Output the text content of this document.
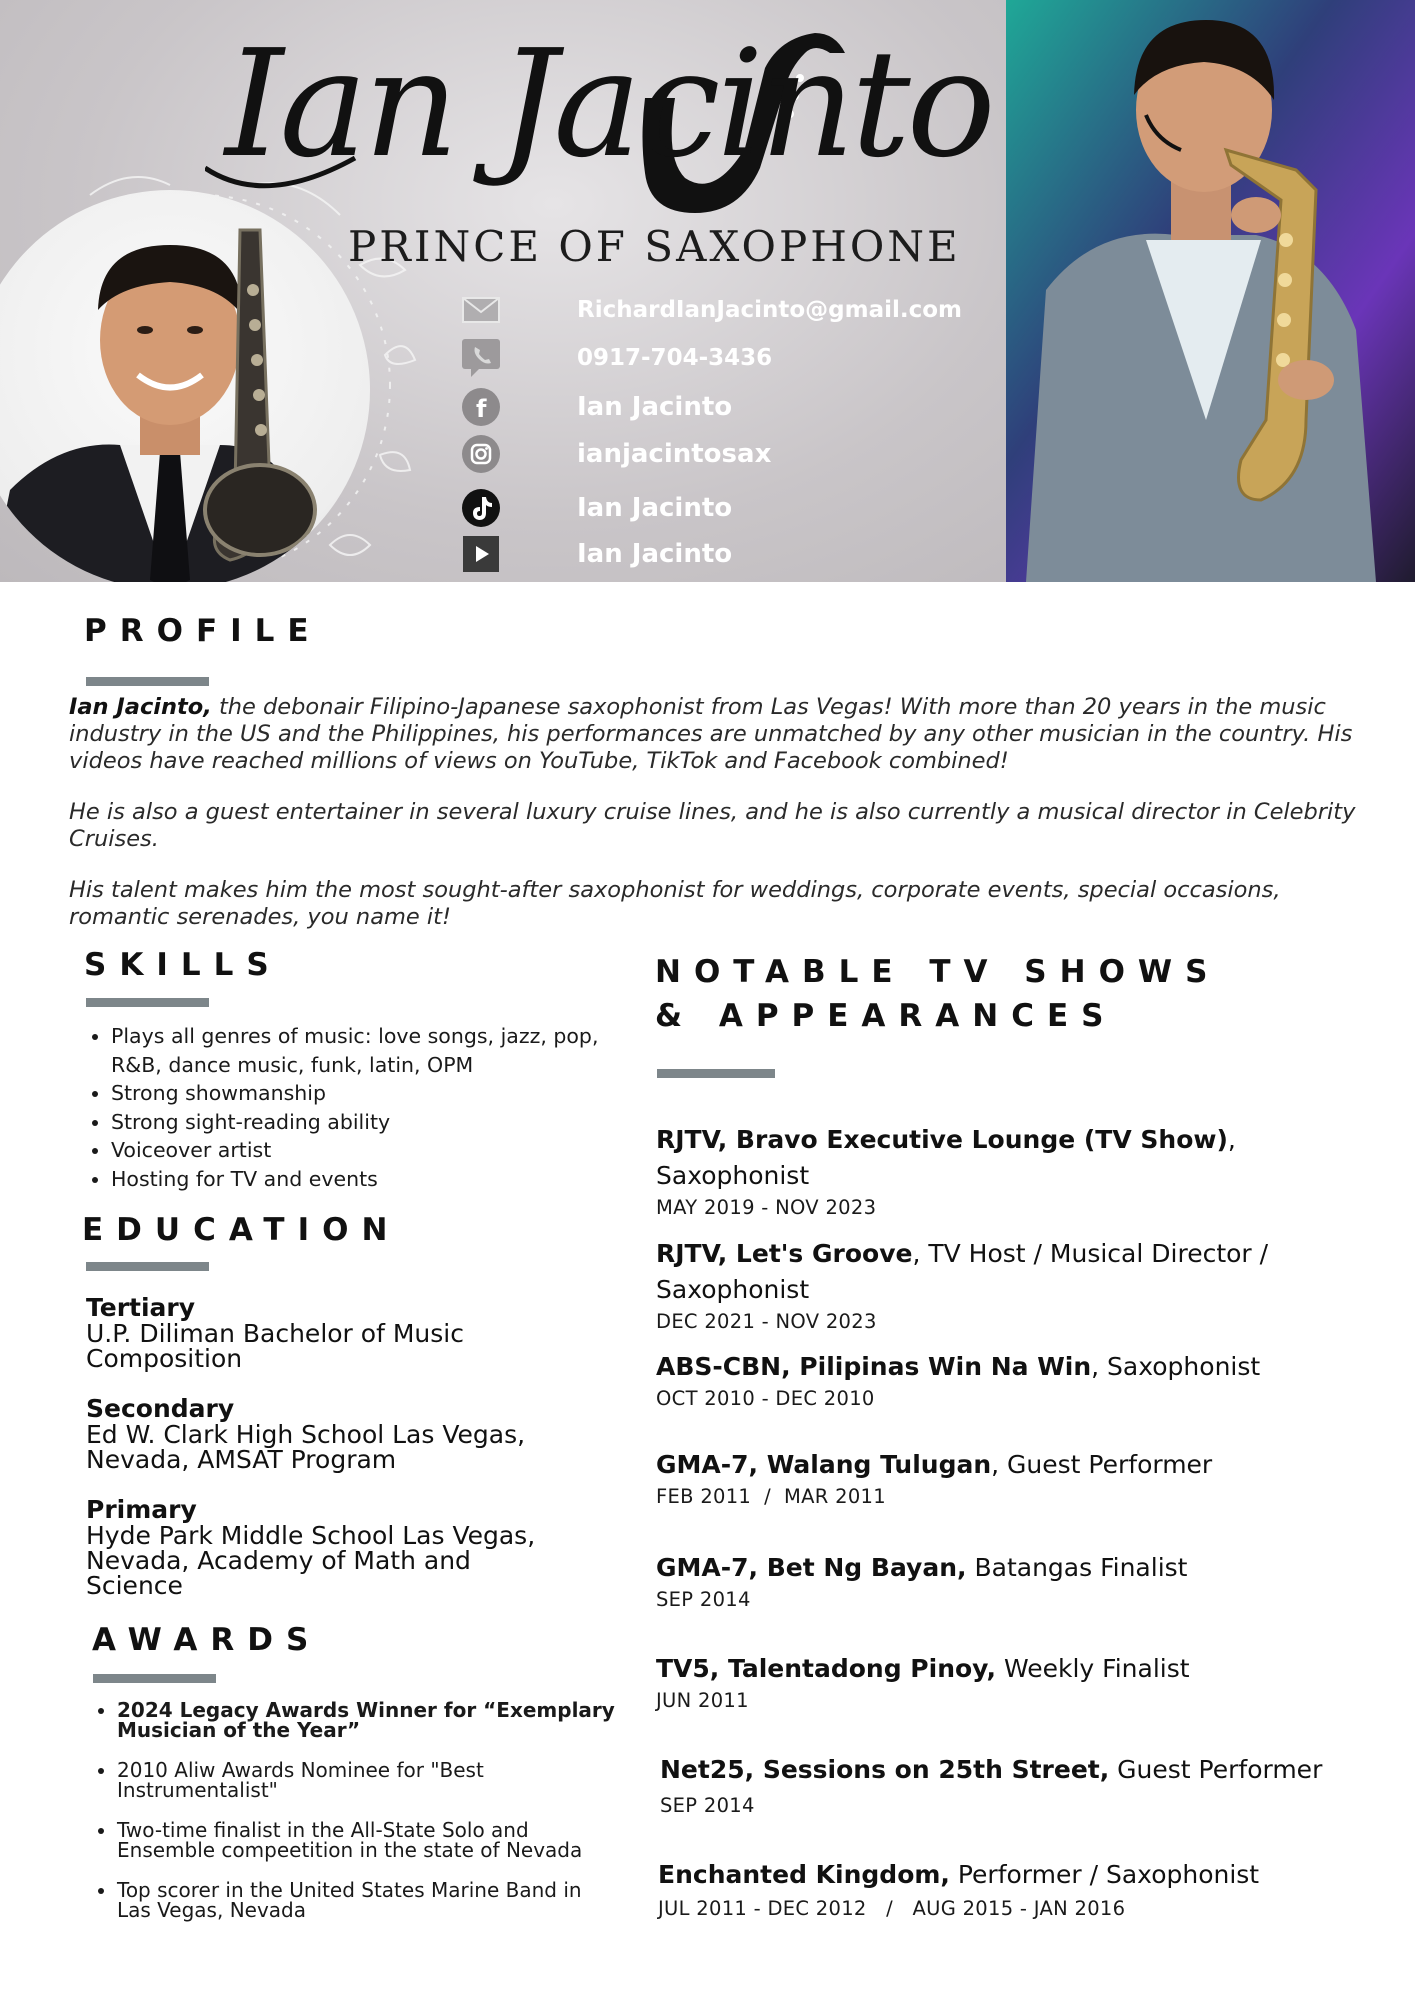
Ian Jacinto
PRINCE OF SAXOPHONE
RichardIanJacinto@gmail.com
0917-704-3436
f	Ian Jacinto
ianjacintosax
Ian Jacinto
Ian Jacinto
PROFILE

Ian Jacinto, the debonair Filipino-Japanese saxophonist from Las Vegas! With more than 20 years in the music industry in the US and the Philippines, his performances are unmatched by any other musician in the country. His videos have reached millions of views on YouTube, TikTok and Facebook combined!

He is also a guest entertainer in several luxury cruise lines, and he is also currently a musical director in Celebrity Cruises.

His talent makes him the most sought-after saxophonist for weddings, corporate events, special occasions, romantic serenades, you name it!

SKILLS
• Plays all genres of music: love songs, jazz, pop, R&B, dance music, funk, latin, OPM
• Strong showmanship
• Strong sight-reading ability
• Voiceover artist
• Hosting for TV and events
EDUCATION
Tertiary
U.P. Diliman Bachelor of Music Composition
Secondary
Ed W. Clark High School Las Vegas, Nevada, AMSAT Program
Primary
Hyde Park Middle School Las Vegas, Nevada, Academy of Math and Science
AWARDS
• 2024 Legacy Awards Winner for “Exemplary Musician of the Year”
• 2010 Aliw Awards Nominee for "Best Instrumentalist"
• Two-time finalist in the All-State Solo and Ensemble compeetition in the state of Nevada
• Top scorer in the United States Marine Band in Las Vegas, Nevada
NOTABLE TV SHOWS
& APPEARANCES
RJTV, Bravo Executive Lounge (TV Show), Saxophonist
MAY 2019 - NOV 2023
RJTV, Let's Groove, TV Host / Musical Director / Saxophonist
DEC 2021 - NOV 2023
ABS-CBN, Pilipinas Win Na Win, Saxophonist
OCT 2010 - DEC 2010
GMA-7, Walang Tulugan, Guest Performer
FEB 2011  /  MAR 2011
GMA-7, Bet Ng Bayan, Batangas Finalist
SEP 2014
TV5, Talentadong Pinoy, Weekly Finalist
JUN 2011
Net25, Sessions on 25th Street, Guest Performer
SEP 2014
Enchanted Kingdom, Performer / Saxophonist
JUL 2011 - DEC 2012   /   AUG 2015 - JAN 2016
